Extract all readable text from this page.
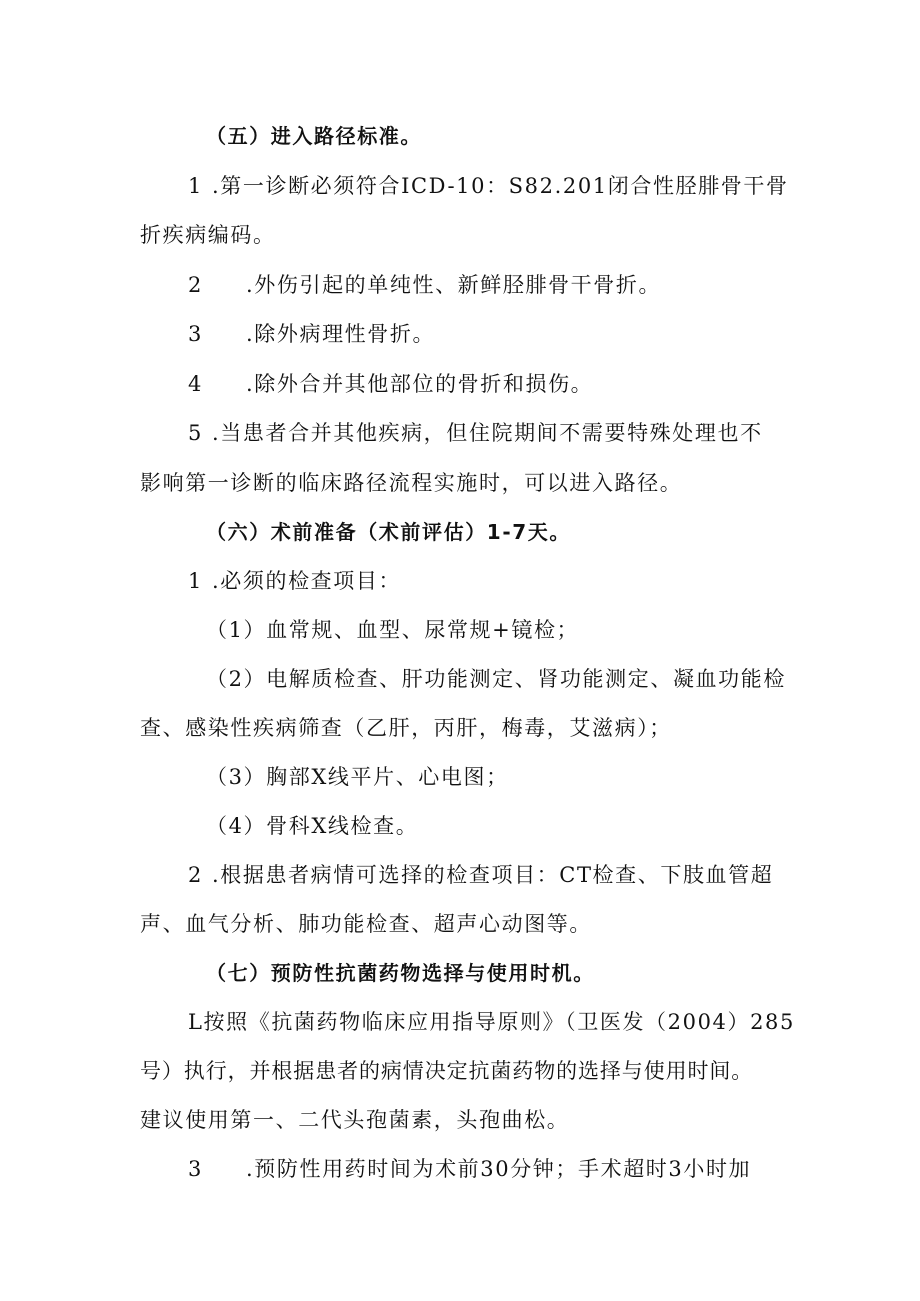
（五）进入路径标准。

1 .第一诊断必须符合ICD-10：S82.201闭合性胫腓骨干骨

折疾病编码。

2 .外伤引起的单纯性、新鲜胫腓骨干骨折。

3 .除外病理性骨折。

4 .除外合并其他部位的骨折和损伤。

5 .当患者合并其他疾病，但住院期间不需要特殊处理也不

影响第一诊断的临床路径流程实施时，可以进入路径。

（六）术前准备（术前评估）1-7天。

1 .必须的检查项目：

（1）血常规、血型、尿常规+镜检；

（2）电解质检查、肝功能测定、肾功能测定、凝血功能检

查、感染性疾病筛查（乙肝，丙肝，梅毒，艾滋病）；

（3）胸部X线平片、心电图；

（4）骨科X线检查。

2 .根据患者病情可选择的检查项目：CT检查、下肢血管超

声、血气分析、肺功能检查、超声心动图等。

（七）预防性抗菌药物选择与使用时机。

L按照《抗菌药物临床应用指导原则》（卫医发（2004）285

号）执行，并根据患者的病情决定抗菌药物的选择与使用时间。

建议使用第一、二代头孢菌素，头孢曲松。

3 .预防性用药时间为术前30分钟；手术超时3小时加
